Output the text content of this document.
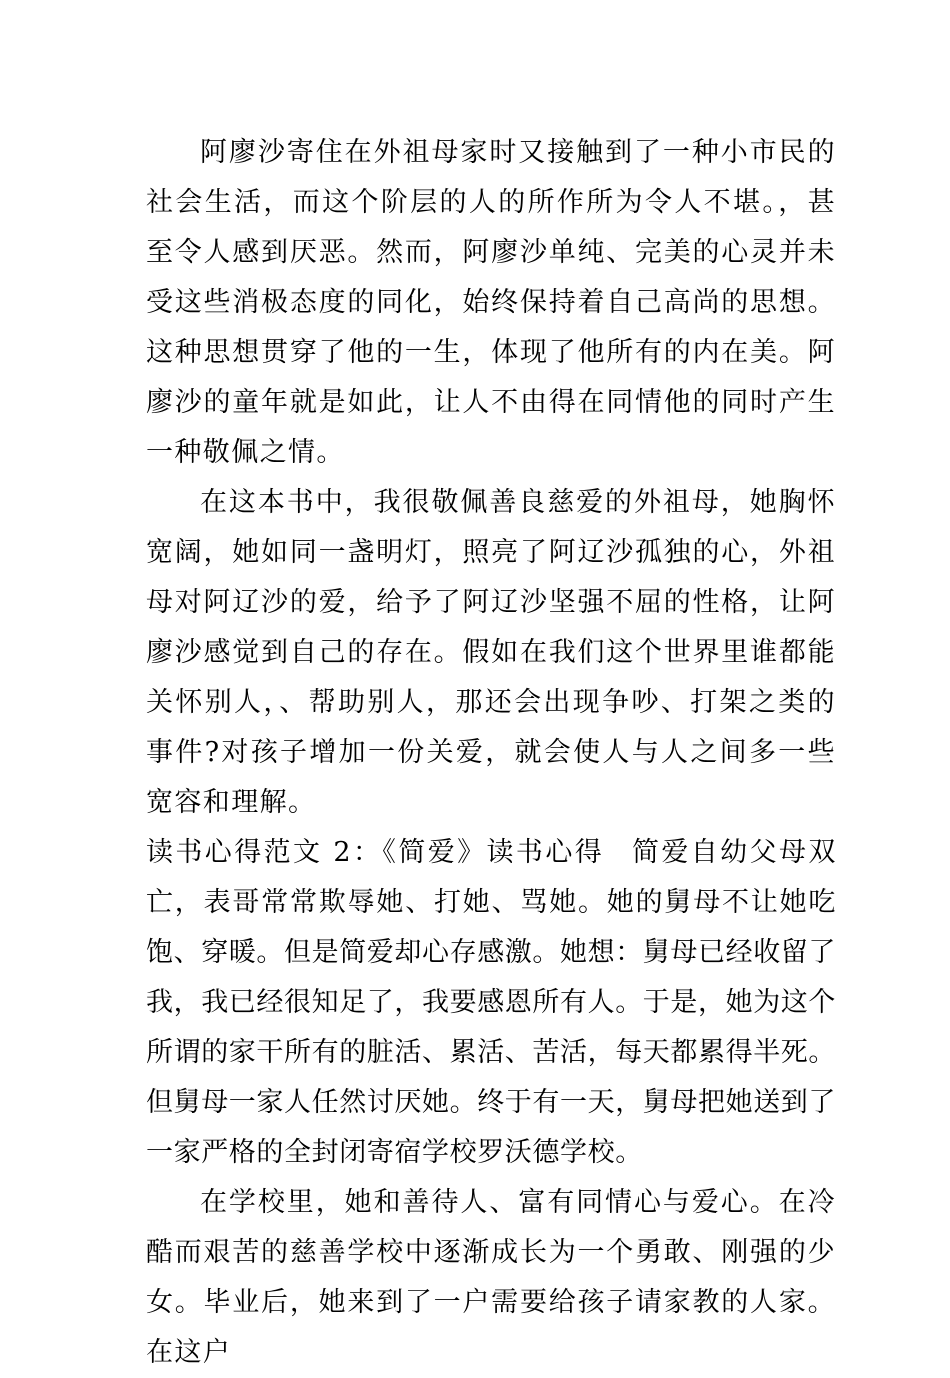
阿廖沙寄住在外祖母家时又接触到了一种小市民的社会生活，而这个阶层的人的所作所为令人不堪。，甚至令人感到厌恶。然而，阿廖沙单纯、完美的心灵并未受这些消极态度的同化，始终保持着自己高尚的思想。这种思想贯穿了他的一生，体现了他所有的内在美。阿廖沙的童年就是如此，让人不由得在同情他的同时产生一种敬佩之情。

在这本书中，我很敬佩善良慈爱的外祖母，她胸怀宽阔，她如同一盏明灯，照亮了阿辽沙孤独的心，外祖母对阿辽沙的爱，给予了阿辽沙坚强不屈的性格，让阿廖沙感觉到自己的存在。假如在我们这个世界里谁都能关怀别人，、帮助别人，那还会出现争吵、打架之类的事件?对孩子增加一份关爱，就会使人与人之间多一些宽容和理解。

读书心得范文 2：《简爱》读书心得 简爱自幼父母双亡，表哥常常欺辱她、打她、骂她。她的舅母不让她吃饱、穿暖。但是简爱却心存感激。她想：舅母已经收留了我，我已经很知足了，我要感恩所有人。于是，她为这个所谓的家干所有的脏活、累活、苦活，每天都累得半死。但舅母一家人任然讨厌她。终于有一天，舅母把她送到了一家严格的全封闭寄宿学校罗沃德学校。

在学校里，她和善待人、富有同情心与爱心。在冷酷而艰苦的慈善学校中逐渐成长为一个勇敢、刚强的少女。毕业后，她来到了一户需要给孩子请家教的人家。在这户
